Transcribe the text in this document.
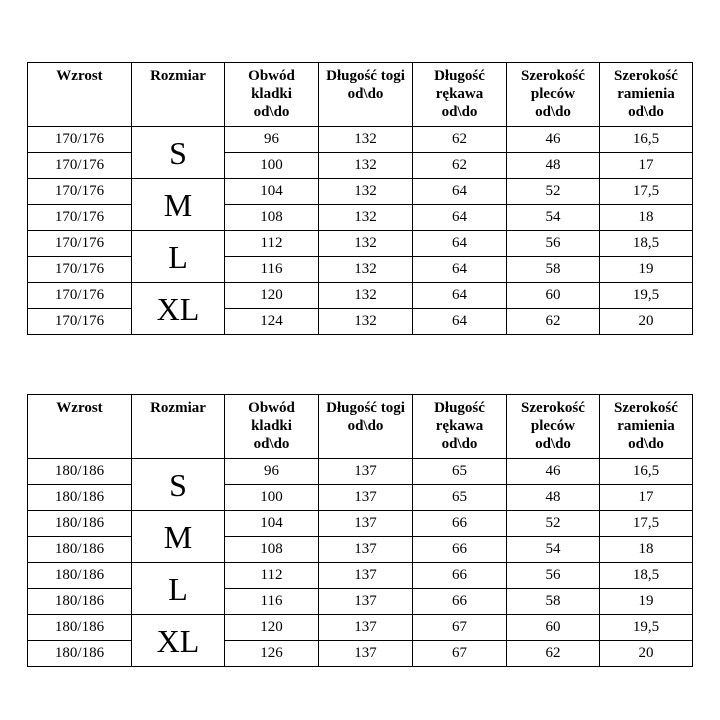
Wzrost	Rozmiar	Obwód
kladki
od\do	Długość togi
od\do	Długość
rękawa
od\do	Szerokość
pleców
od\do	Szerokość
ramienia
od\do

170/176	S	96	132	62	46	16,5
170/176		100	132	62	48	17
170/176	M	104	132	64	52	17,5
170/176		108	132	64	54	18
170/176	L	112	132	64	56	18,5
170/176		116	132	64	58	19
170/176	XL	120	132	64	60	19,5
170/176		124	132	64	62	20
Wzrost	Rozmiar	Obwód
kladki
od\do	Długość togi
od\do	Długość
rękawa
od\do	Szerokość
pleców
od\do	Szerokość
ramienia
od\do

180/186	S	96	137	65	46	16,5
180/186		100	137	65	48	17
180/186	M	104	137	66	52	17,5
180/186		108	137	66	54	18
180/186	L	112	137	66	56	18,5
180/186		116	137	66	58	19
180/186	XL	120	137	67	60	19,5
180/186		126	137	67	62	20
